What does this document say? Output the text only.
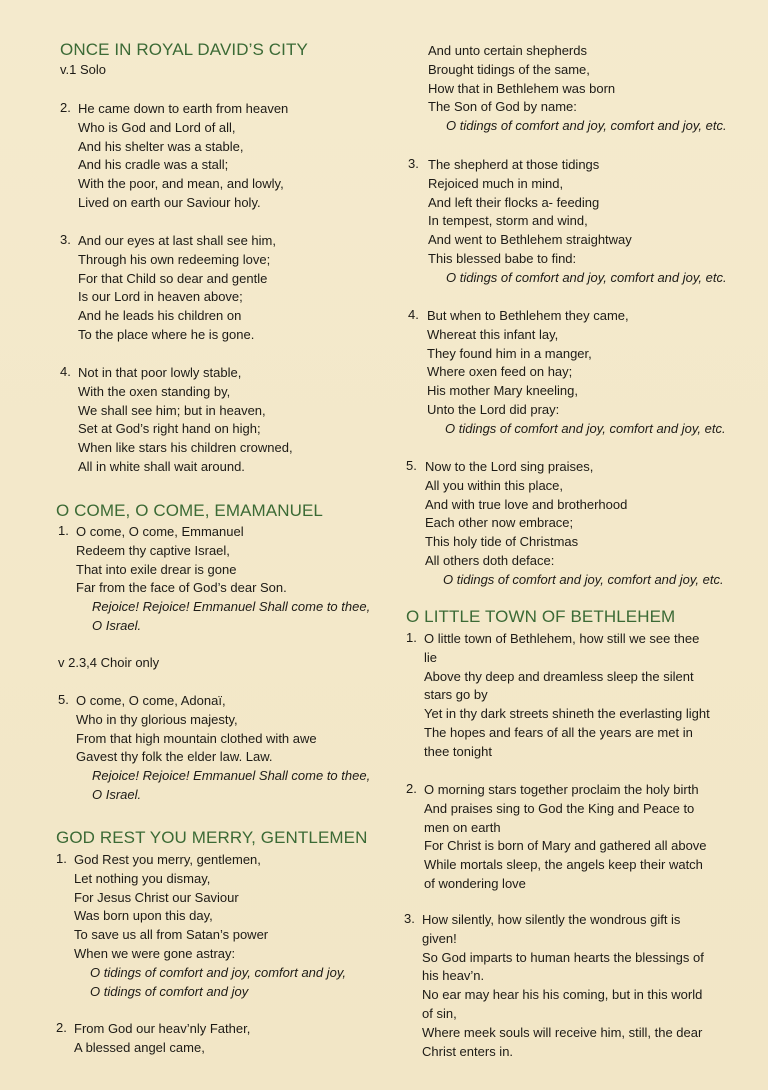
ONCE IN ROYAL DAVID’S CITY
v.1 Solo
2. He came down to earth from heaven
Who is God and Lord of all,
And his shelter was a stable,
And his cradle was a stall;
With the poor, and mean, and lowly,
Lived on earth our Saviour holy.
3. And our eyes at last shall see him,
Through his own redeeming love;
For that Child so dear and gentle
Is our Lord in heaven above;
And he leads his children on
To the place where he is gone.
4. Not in that poor lowly stable,
With the oxen standing by,
We shall see him; but in heaven,
Set at God’s right hand on high;
When like stars his children crowned,
All in white shall wait around.
O COME, O COME, EMAMANUEL
1. O come, O come, Emmanuel
Redeem thy captive Israel,
That into exile drear is gone
Far from the face of God’s dear Son.
Rejoice! Rejoice! Emmanuel Shall come to thee,
O Israel.
v 2.3,4 Choir only
5. O come, O come, Adonaï,
Who in thy glorious majesty,
From that high mountain clothed with awe
Gavest thy folk the elder law. Law.
Rejoice! Rejoice! Emmanuel Shall come to thee,
O Israel.
GOD REST YOU MERRY, GENTLEMEN
1. God Rest you merry, gentlemen,
Let nothing you dismay,
For Jesus Christ our Saviour
Was born upon this day,
To save us all from Satan’s power
When we were gone astray:
O tidings of comfort and joy, comfort and joy,
O tidings of comfort and joy
2. From God our heav’nly Father,
A blessed angel came,
And unto certain shepherds
Brought tidings of the same,
How that in Bethlehem was born
The Son of God by name:
O tidings of comfort and joy, comfort and joy, etc.
3. The shepherd at those tidings
Rejoiced much in mind,
And left their flocks a- feeding
In tempest, storm and wind,
And went to Bethlehem straightway
This blessed babe to find:
O tidings of comfort and joy, comfort and joy, etc.
4. But when to Bethlehem they came,
Whereat this infant lay,
They found him in a manger,
Where oxen feed on hay;
His mother Mary kneeling,
Unto the Lord did pray:
O tidings of comfort and joy, comfort and joy, etc.
5. Now to the Lord sing praises,
All you within this place,
And with true love and brotherhood
Each other now embrace;
This holy tide of Christmas
All others doth deface:
O tidings of comfort and joy, comfort and joy, etc.
O LITTLE TOWN OF BETHLEHEM
1. O little town of Bethlehem, how still we see thee
lie
Above thy deep and dreamless sleep the silent
stars go by
Yet in thy dark streets shineth the everlasting light
The hopes and fears of all the years are met in
thee tonight
2. O morning stars together proclaim the holy birth
And praises sing to God the King and Peace to
men on earth
For Christ is born of Mary and gathered all above
While mortals sleep, the angels keep their watch
of wondering love
3. How silently, how silently the wondrous gift is
given!
So God imparts to human hearts the blessings of
his heav’n.
No ear may hear his his coming, but in this world
of sin,
Where meek souls will receive him, still, the dear
Christ enters in.
